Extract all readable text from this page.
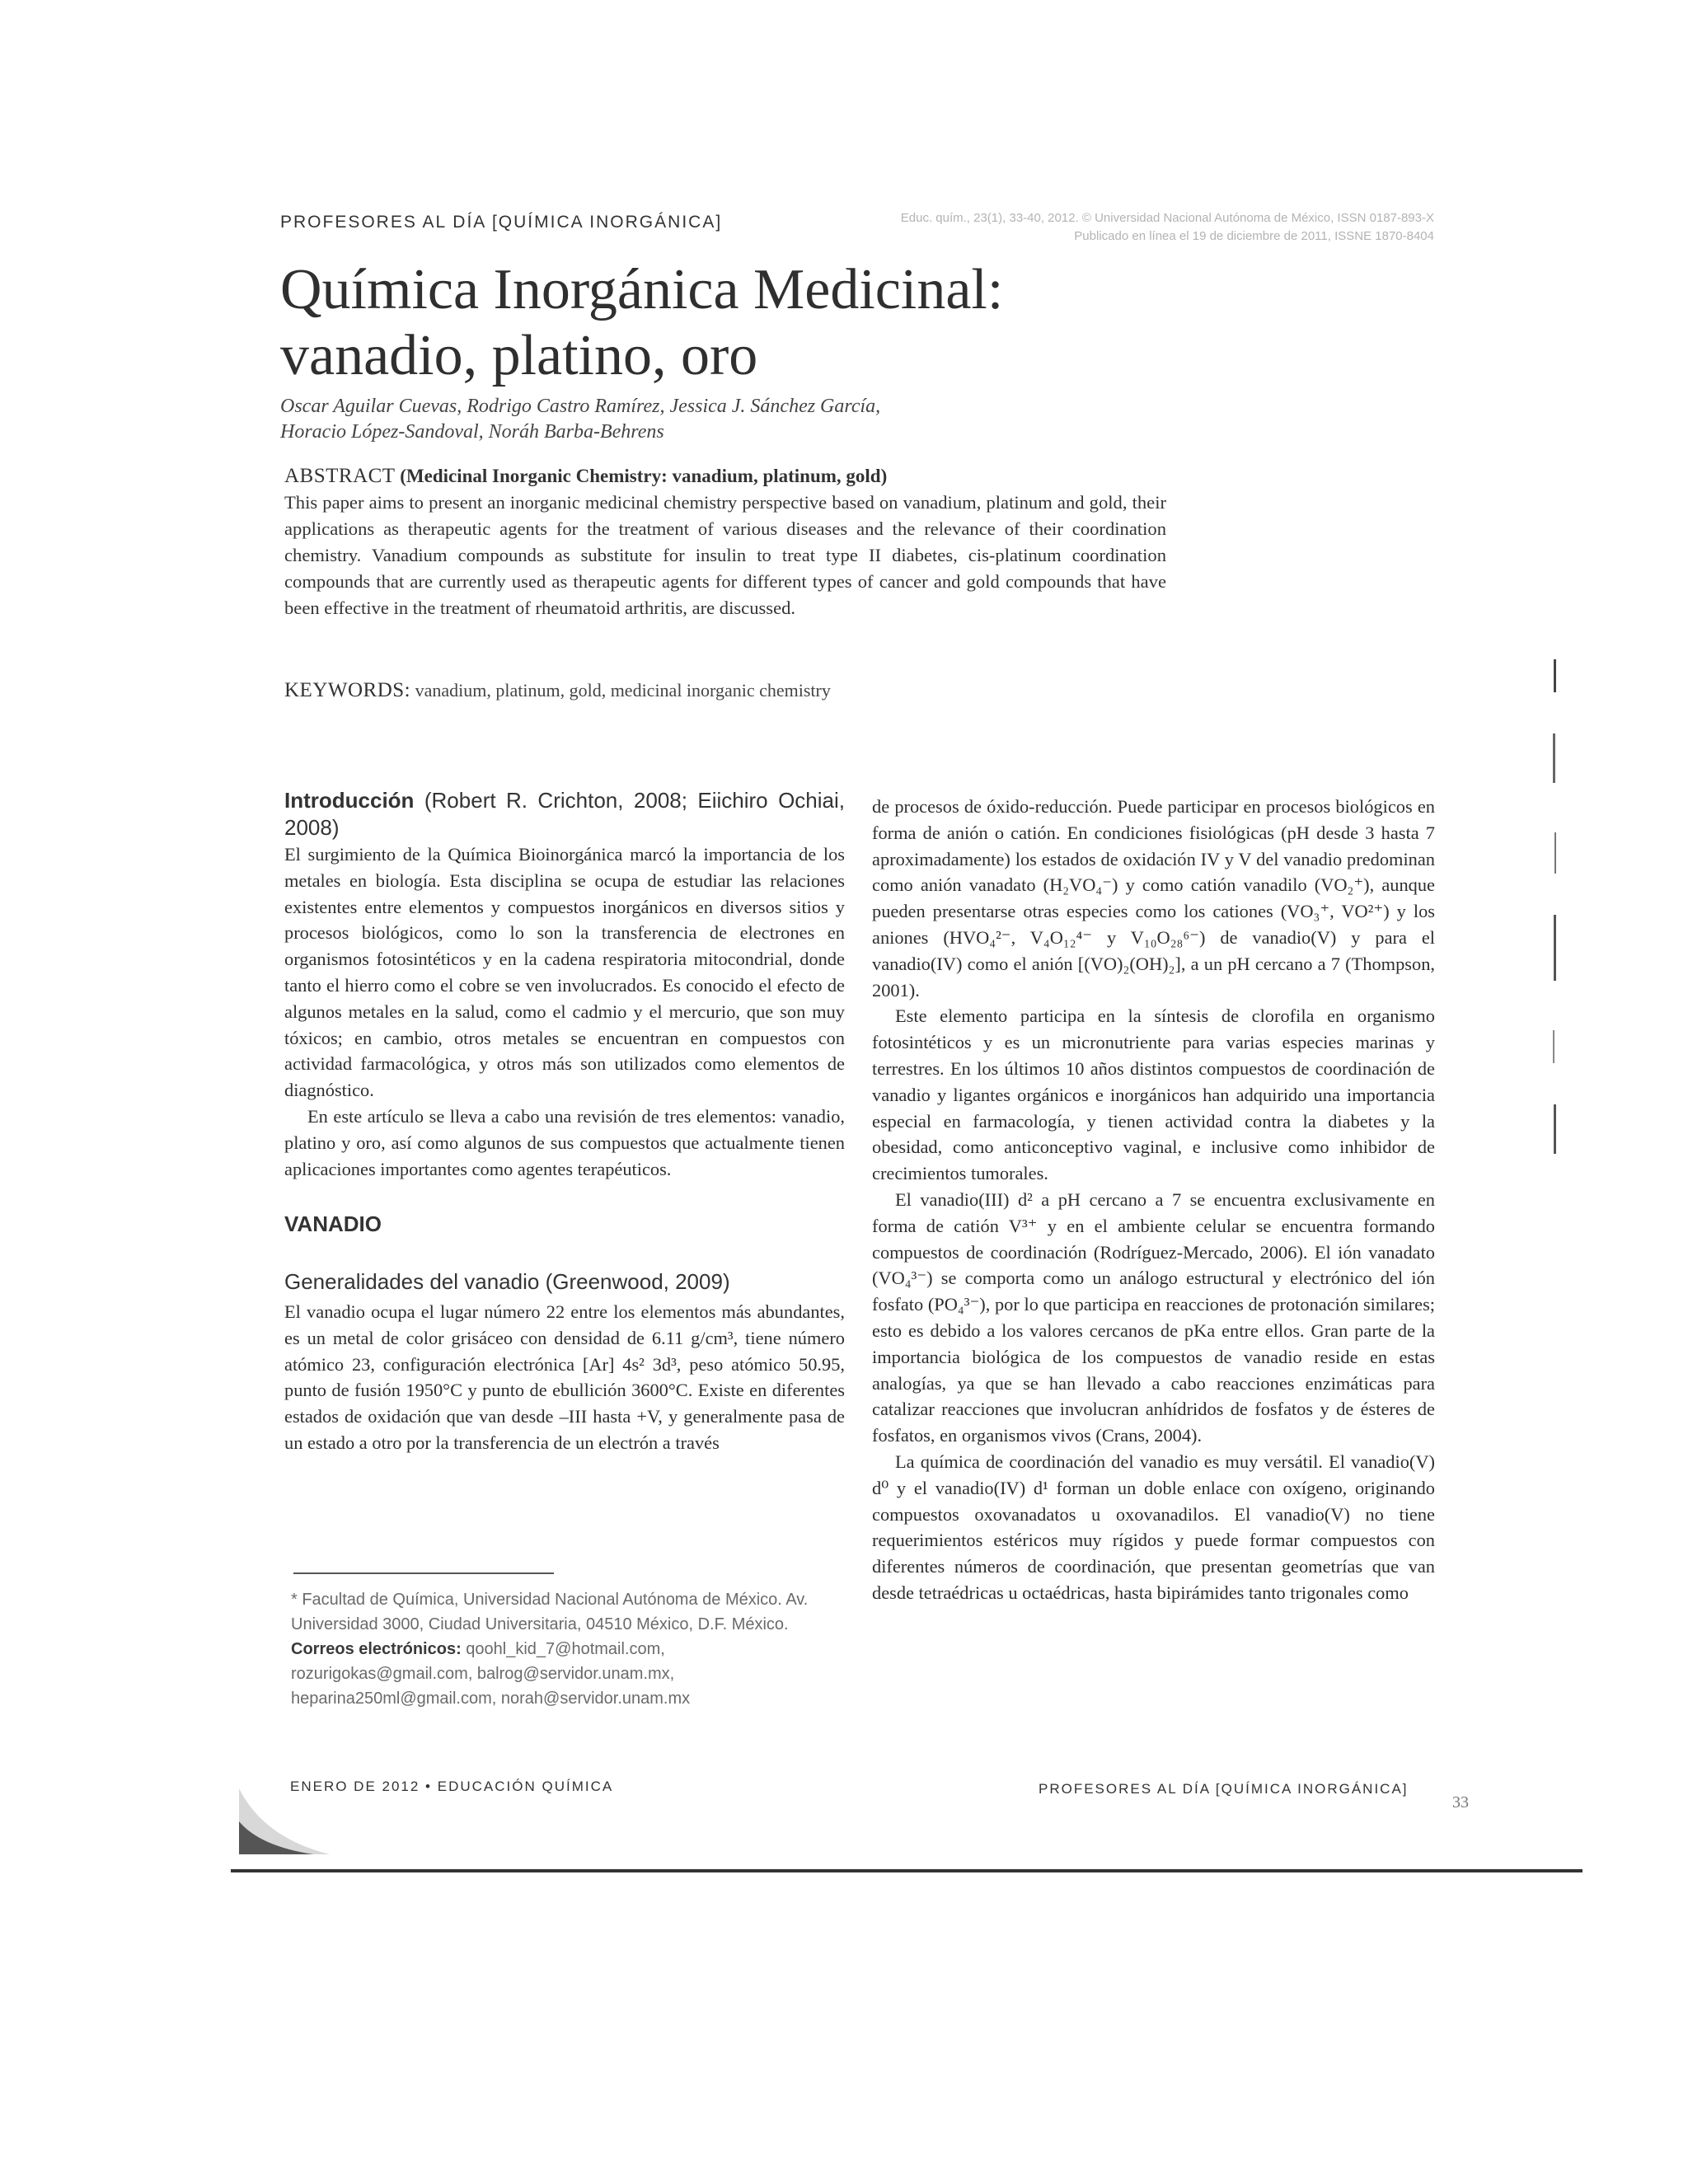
PROFESORES AL DÍA [QUÍMICA INORGÁNICA]	Educ. quím., 23(1), 33-40, 2012. © Universidad Nacional Autónoma de México, ISSN 0187-893-X
Publicado en línea el 19 de diciembre de 2011, ISSNE 1870-8404
Química Inorgánica Medicinal:
vanadio, platino, oro
Oscar Aguilar Cuevas, Rodrigo Castro Ramírez, Jessica J. Sánchez García,
Horacio López-Sandoval, Noráh Barba-Behrens
ABSTRACT (Medicinal Inorganic Chemistry: vanadium, platinum, gold)
This paper aims to present an inorganic medicinal chemistry perspective based on vanadium, platinum and gold, their applications as therapeutic agents for the treatment of various diseases and the relevance of their coordination chemistry. Vanadium compounds as substitute for insulin to treat type II diabetes, cis-platinum coordination compounds that are currently used as therapeutic agents for different types of cancer and gold compounds that have been effective in the treatment of rheumatoid arthritis, are discussed.
KEYWORDS: vanadium, platinum, gold, medicinal inorganic chemistry
Introducción (Robert R. Crichton, 2008; Eiichiro Ochiai, 2008)

El surgimiento de la Química Bioinorgánica marcó la importancia de los metales en biología. Esta disciplina se ocupa de estudiar las relaciones existentes entre elementos y compuestos inorgánicos en diversos sitios y procesos biológicos, como lo son la transferencia de electrones en organismos fotosintéticos y en la cadena respiratoria mitocondrial, donde tanto el hierro como el cobre se ven involucrados. Es conocido el efecto de algunos metales en la salud, como el cadmio y el mercurio, que son muy tóxicos; en cambio, otros metales se encuentran en compuestos con actividad farmacológica, y otros más son utilizados como elementos de diagnóstico.

En este artículo se lleva a cabo una revisión de tres elementos: vanadio, platino y oro, así como algunos de sus compuestos que actualmente tienen aplicaciones importantes como agentes terapéuticos.

VANADIO
Generalidades del vanadio (Greenwood, 2009)

El vanadio ocupa el lugar número 22 entre los elementos más abundantes, es un metal de color grisáceo con densidad de 6.11 g/cm³, tiene número atómico 23, configuración electrónica [Ar] 4s² 3d³, peso atómico 50.95, punto de fusión 1950°C y punto de ebullición 3600°C. Existe en diferentes estados de oxidación que van desde –III hasta +V, y generalmente pasa de un estado a otro por la transferencia de un electrón a través

de procesos de óxido-reducción. Puede participar en procesos biológicos en forma de anión o catión. En condiciones fisiológicas (pH desde 3 hasta 7 aproximadamente) los estados de oxidación IV y V del vanadio predominan como anión vanadato (H₂VO₄⁻) y como catión vanadilo (VO₂⁺), aunque pueden presentarse otras especies como los cationes (VO₃⁺, VO²⁺) y los aniones (HVO₄²⁻, V₄O₁₂⁴⁻ y V₁₀O₂₈⁶⁻) de vanadio(V) y para el vanadio(IV) como el anión [(VO)₂(OH)₂], a un pH cercano a 7 (Thompson, 2001).

Este elemento participa en la síntesis de clorofila en organismo fotosintéticos y es un micronutriente para varias especies marinas y terrestres. En los últimos 10 años distintos compuestos de coordinación de vanadio y ligantes orgánicos e inorgánicos han adquirido una importancia especial en farmacología, y tienen actividad contra la diabetes y la obesidad, como anticonceptivo vaginal, e inclusive como inhibidor de crecimientos tumorales.

El vanadio(III) d² a pH cercano a 7 se encuentra exclusivamente en forma de catión V³⁺ y en el ambiente celular se encuentra formando compuestos de coordinación (Rodríguez-Mercado, 2006). El ión vanadato (VO₄³⁻) se comporta como un análogo estructural y electrónico del ión fosfato (PO₄³⁻), por lo que participa en reacciones de protonación similares; esto es debido a los valores cercanos de pKa entre ellos. Gran parte de la importancia biológica de los compuestos de vanadio reside en estas analogías, ya que se han llevado a cabo reacciones enzimáticas para catalizar reacciones que involucran anhídridos de fosfatos y de ésteres de fosfatos, en organismos vivos (Crans, 2004).

La química de coordinación del vanadio es muy versátil. El vanadio(V) d⁰ y el vanadio(IV) d¹ forman un doble enlace con oxígeno, originando compuestos oxovanadatos u oxovanadilos. El vanadio(V) no tiene requerimientos estéricos muy rígidos y puede formar compuestos con diferentes números de coordinación, que presentan geometrías que van desde tetraédricas u octaédricas, hasta bipirámides tanto trigonales como

* Facultad de Química, Universidad Nacional Autónoma de México. Av. Universidad 3000, Ciudad Universitaria, 04510 México, D.F. México.
Correos electrónicos: qoohl_kid_7@hotmail.com, rozurigokas@gmail.com, balrog@servidor.unam.mx, heparina250ml@gmail.com, norah@servidor.unam.mx
ENERO DE 2012 • EDUCACIÓN QUÍMICA	PROFESORES AL DÍA [QUÍMICA INORGÁNICA]
33
